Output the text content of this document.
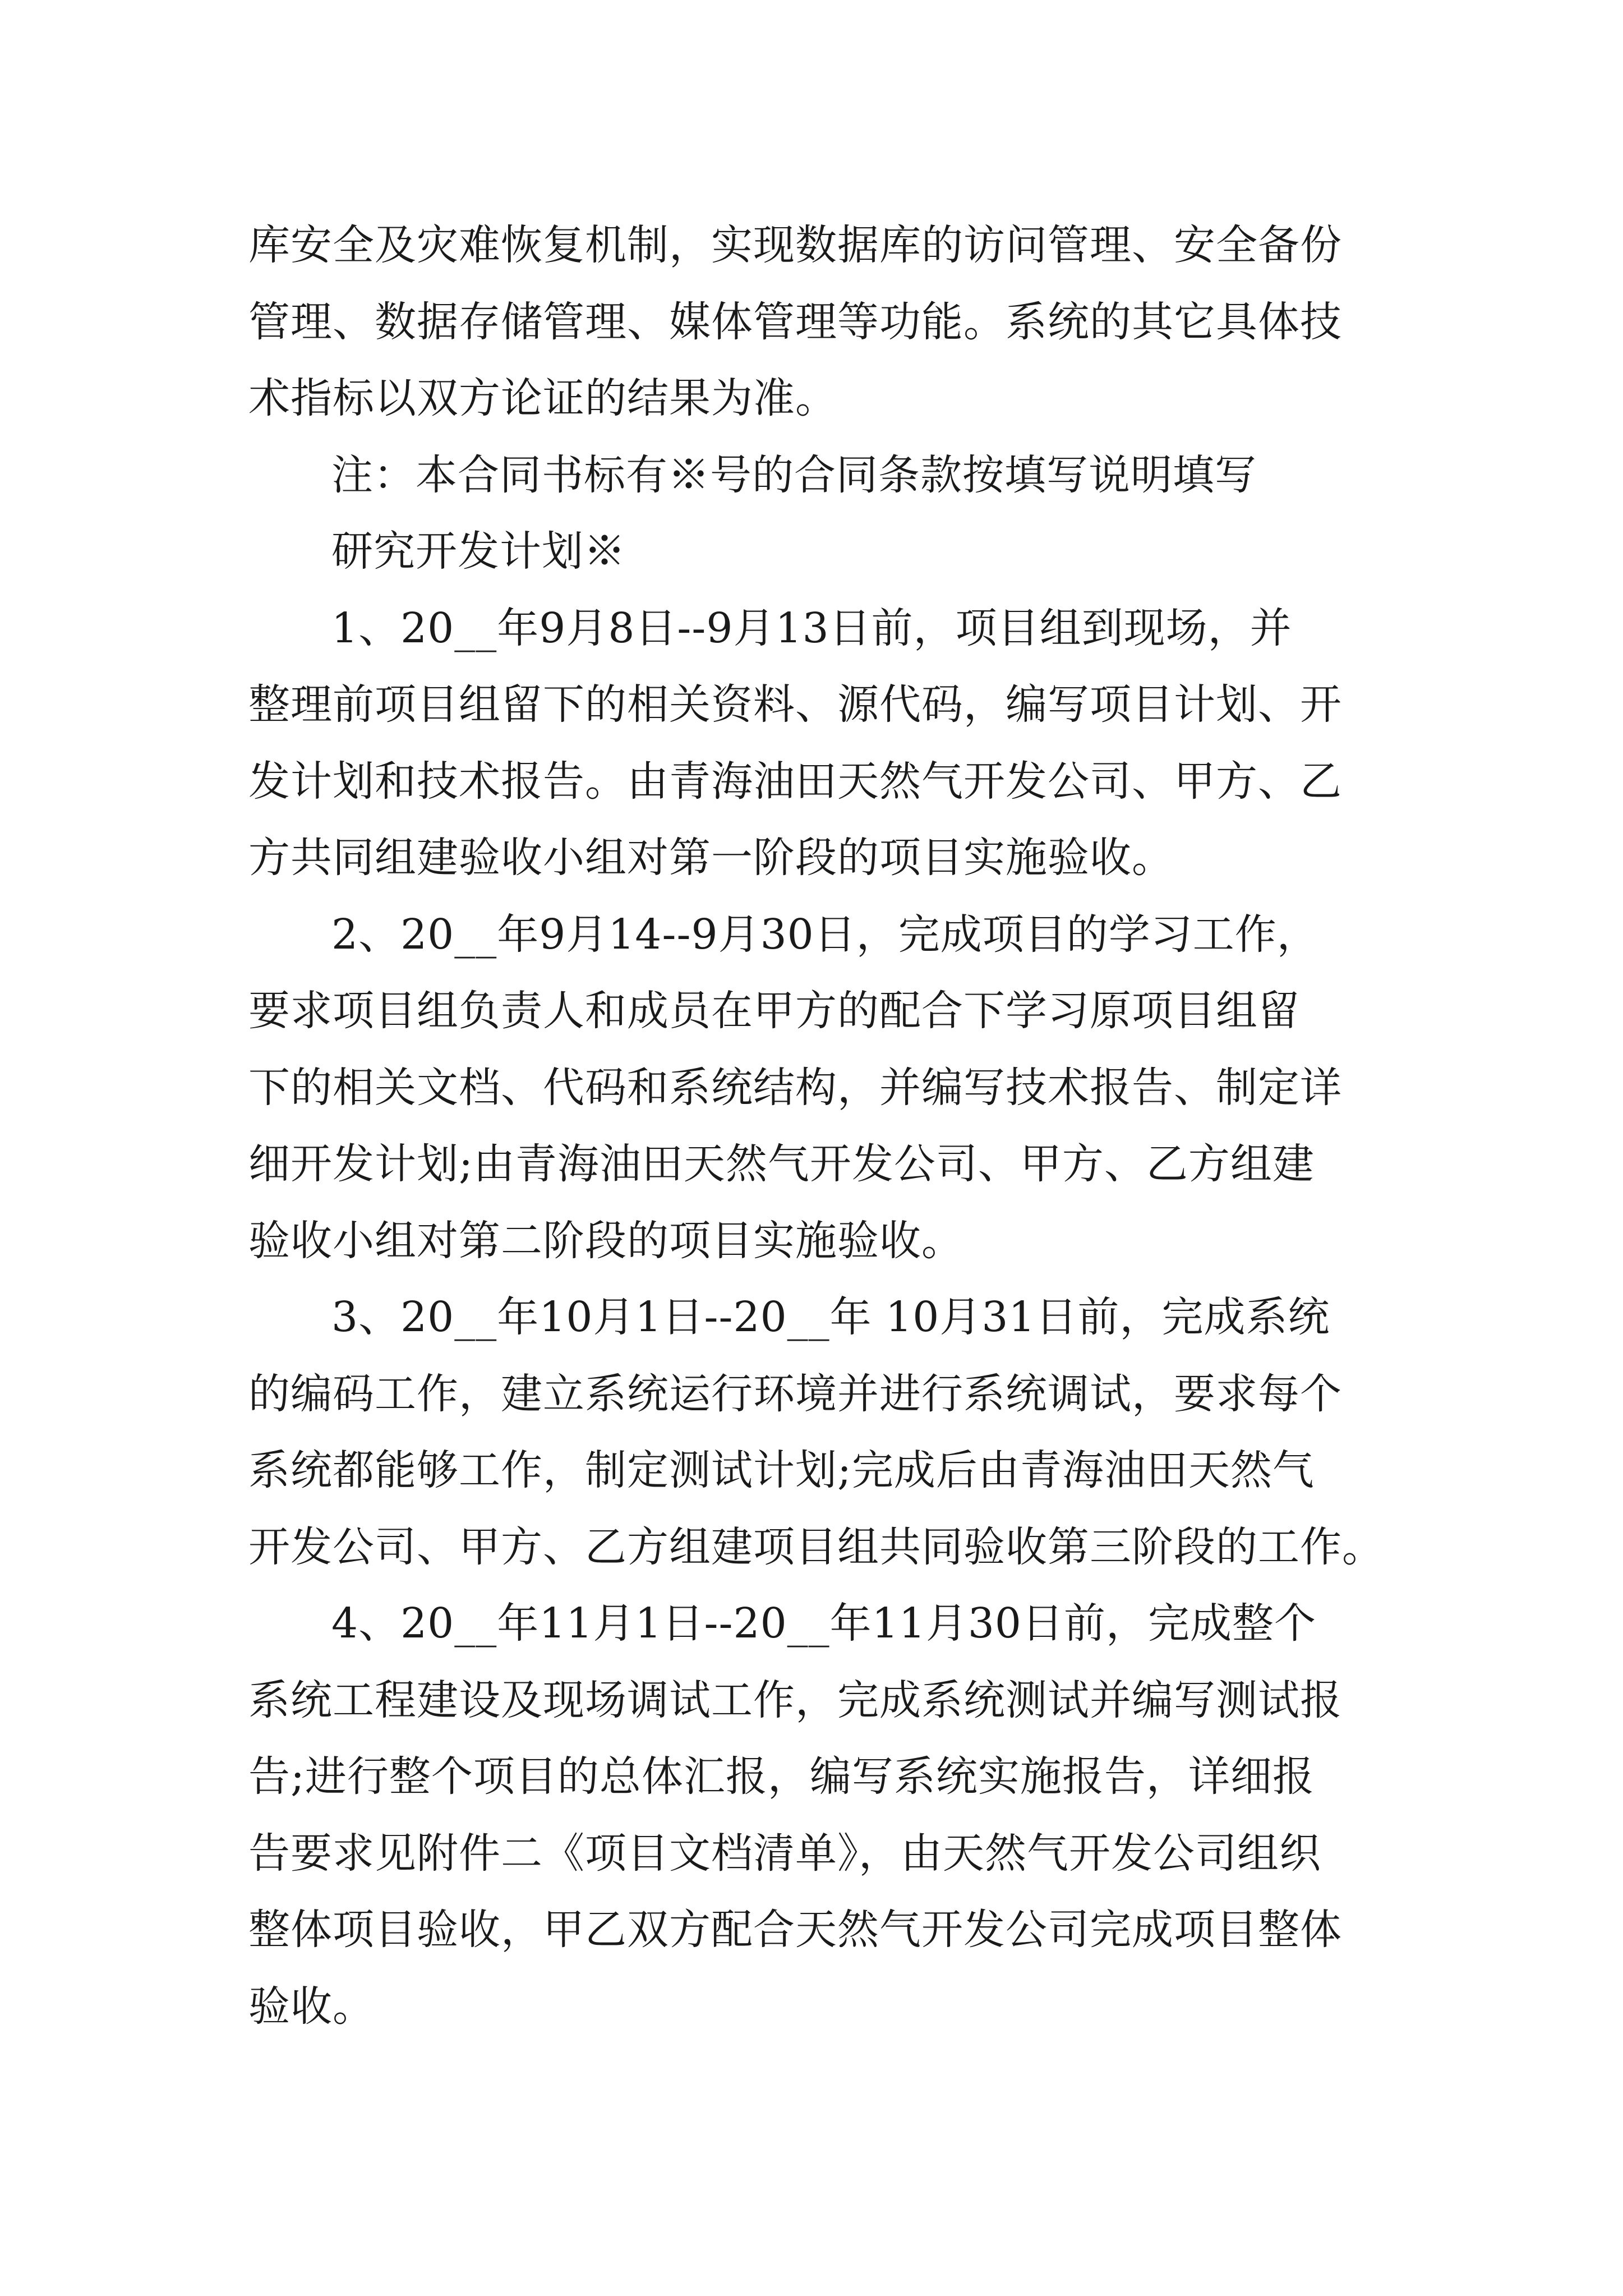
库安全及灾难恢复机制，实现数据库的访问管理、安全备份
管理、数据存储管理、媒体管理等功能。系统的其它具体技
术指标以双方论证的结果为准。
注：本合同书标有※号的合同条款按填写说明填写
研究开发计划※
1、20__年9月8日--9月13日前，项目组到现场，并
整理前项目组留下的相关资料、源代码，编写项目计划、开
发计划和技术报告。由青海油田天然气开发公司、甲方、乙
方共同组建验收小组对第一阶段的项目实施验收。
2、20__年9月14--9月30日，完成项目的学习工作，
要求项目组负责人和成员在甲方的配合下学习原项目组留
下的相关文档、代码和系统结构，并编写技术报告、制定详
细开发计划;由青海油田天然气开发公司、甲方、乙方组建
验收小组对第二阶段的项目实施验收。
3、20__年10月1日--20__年 10月31日前，完成系统
的编码工作，建立系统运行环境并进行系统调试，要求每个
系统都能够工作，制定测试计划;完成后由青海油田天然气
开发公司、甲方、乙方组建项目组共同验收第三阶段的工作。
4、20__年11月1日--20__年11月30日前，完成整个
系统工程建设及现场调试工作，完成系统测试并编写测试报
告;进行整个项目的总体汇报，编写系统实施报告，详细报
告要求见附件二《项目文档清单》，由天然气开发公司组织
整体项目验收，甲乙双方配合天然气开发公司完成项目整体
验收。
